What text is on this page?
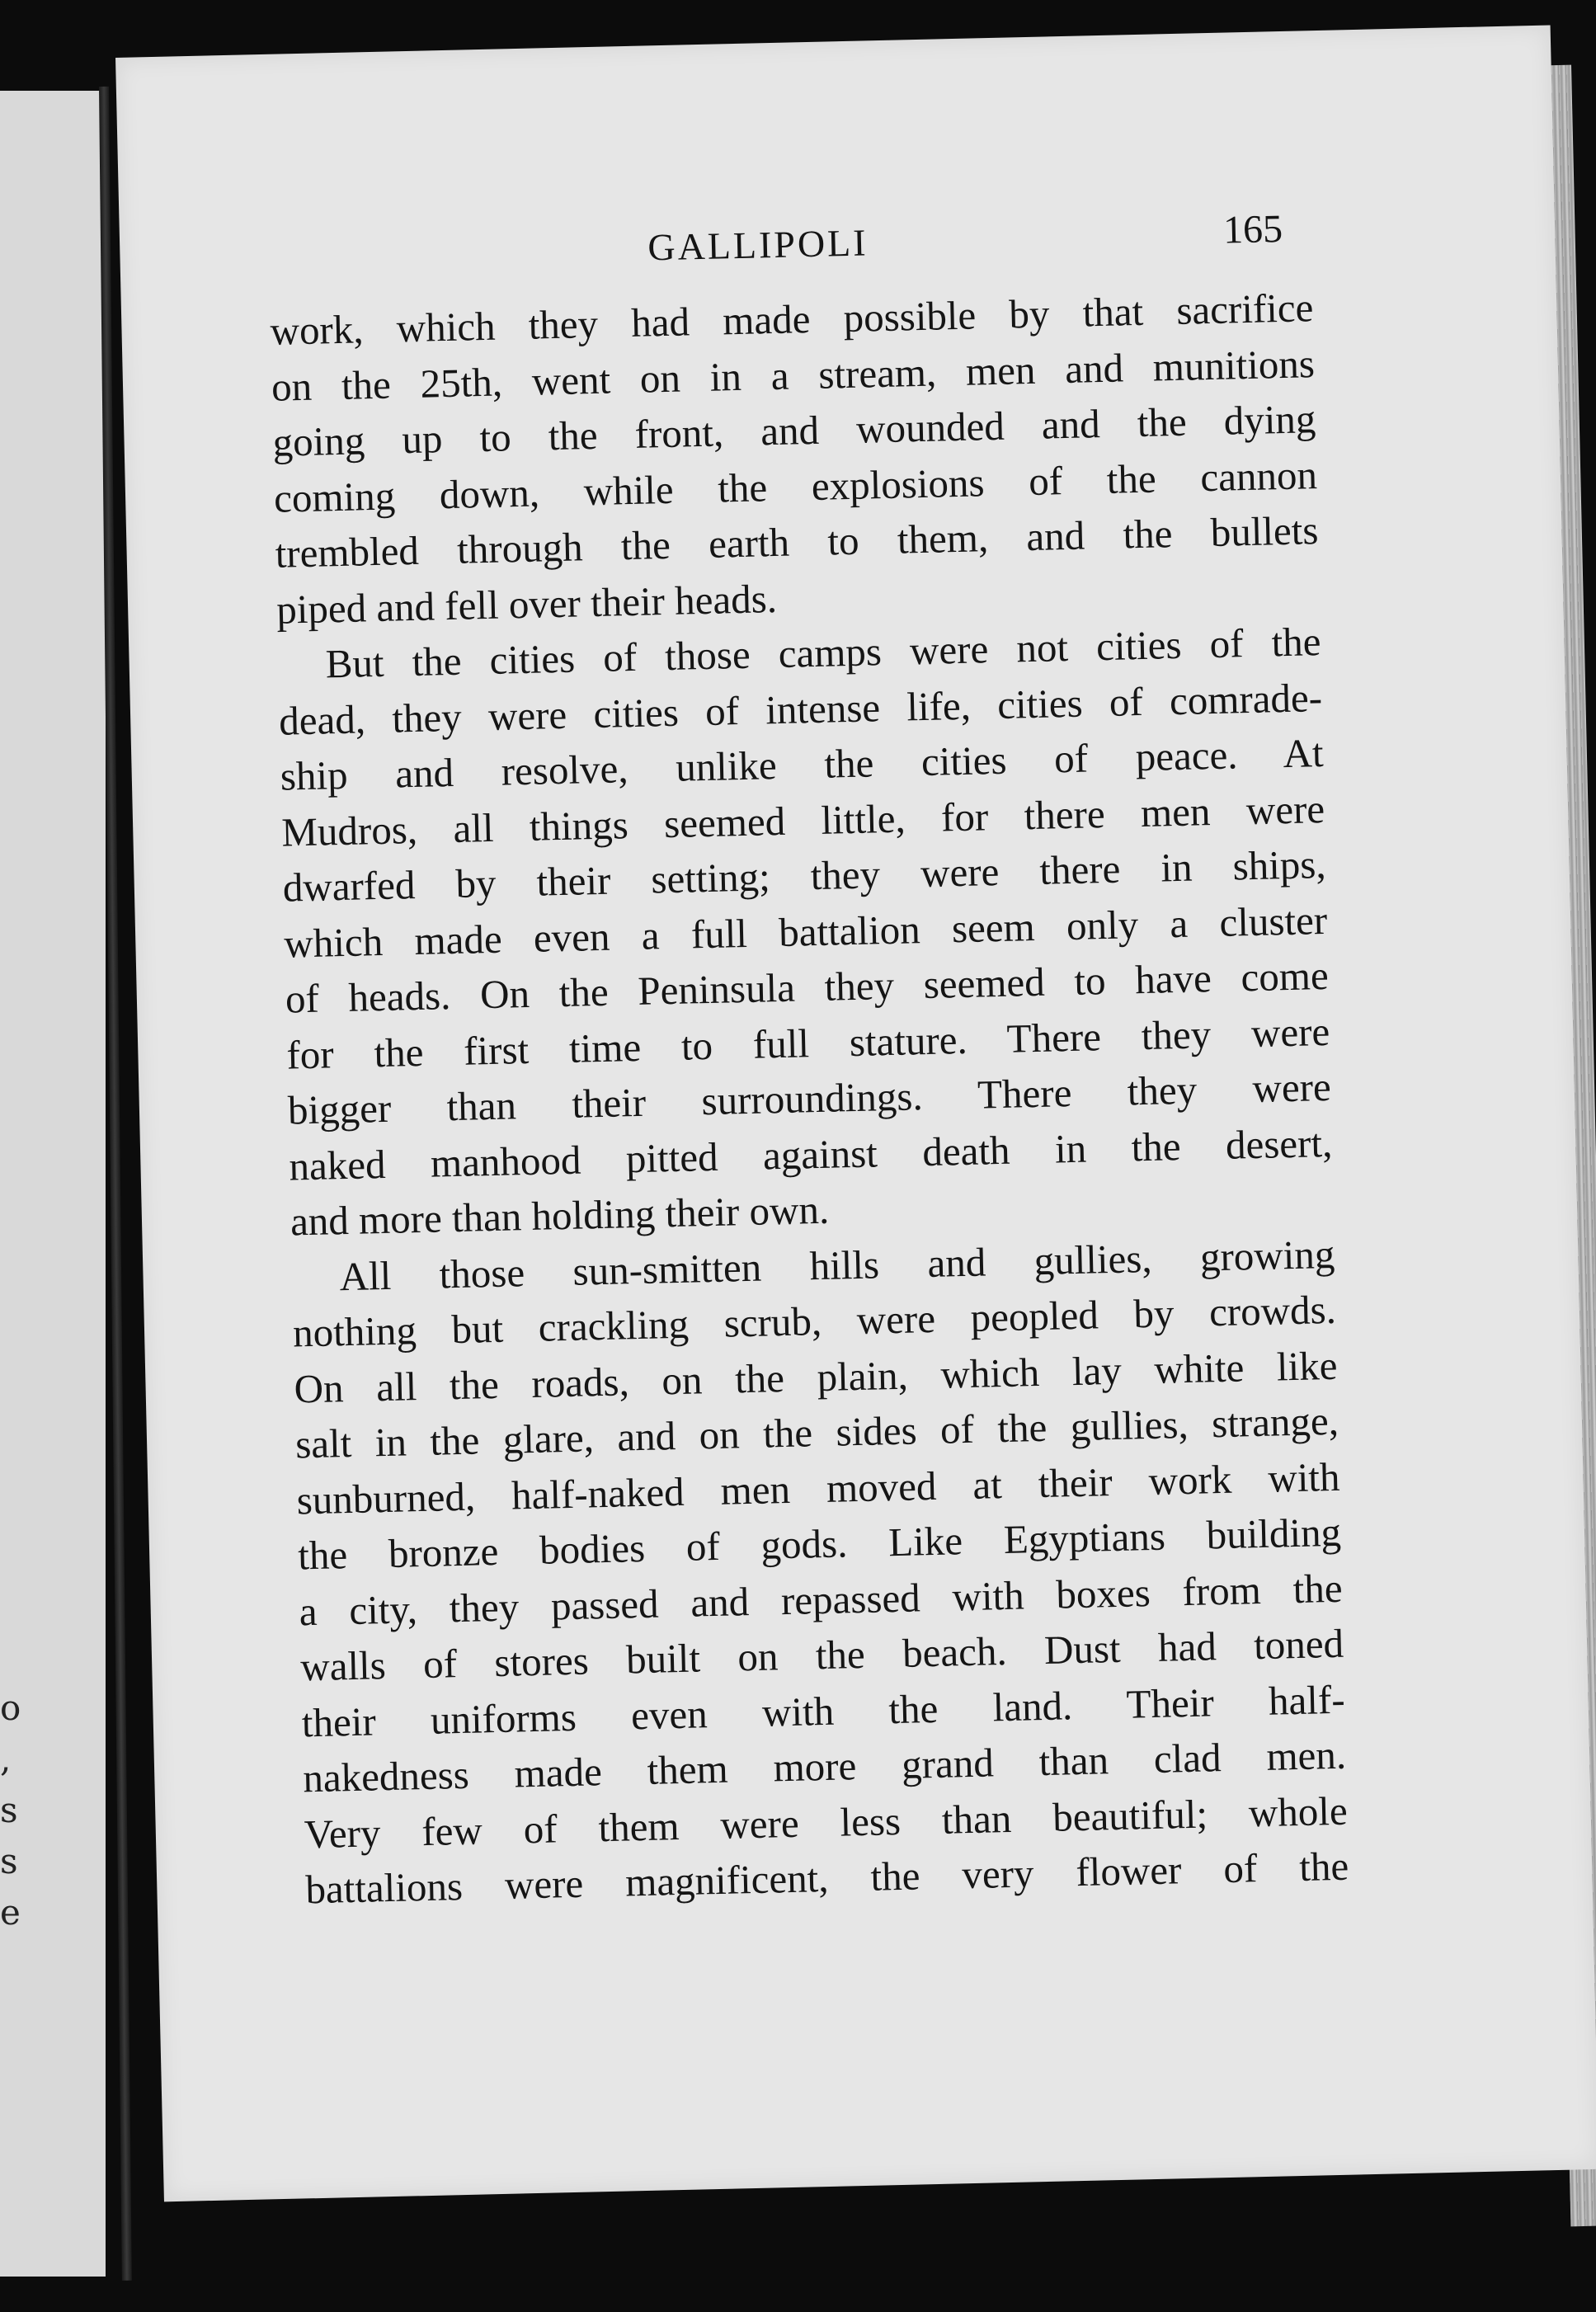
o
,
s
s
e
GALLIPOLI	165
work, which they had made possible by that sacrifice
on the 25th, went on in a stream, men and munitions
going up to the front, and wounded and the dying
coming down, while the explosions of the cannon
trembled through the earth to them, and the bullets
piped and fell over their heads.
But the cities of those camps were not cities of the
dead, they were cities of intense life, cities of comrade-
ship and resolve, unlike the cities of peace. At
Mudros, all things seemed little, for there men were
dwarfed by their setting; they were there in ships,
which made even a full battalion seem only a cluster
of heads. On the Peninsula they seemed to have come
for the first time to full stature. There they were
bigger than their surroundings. There they were
naked manhood pitted against death in the desert,
and more than holding their own.
All those sun-smitten hills and gullies, growing
nothing but crackling scrub, were peopled by crowds.
On all the roads, on the plain, which lay white like
salt in the glare, and on the sides of the gullies, strange,
sunburned, half-naked men moved at their work with
the bronze bodies of gods. Like Egyptians building
a city, they passed and repassed with boxes from the
walls of stores built on the beach. Dust had toned
their uniforms even with the land. Their half-
nakedness made them more grand than clad men.
Very few of them were less than beautiful; whole
battalions were magnificent, the very flower of the
